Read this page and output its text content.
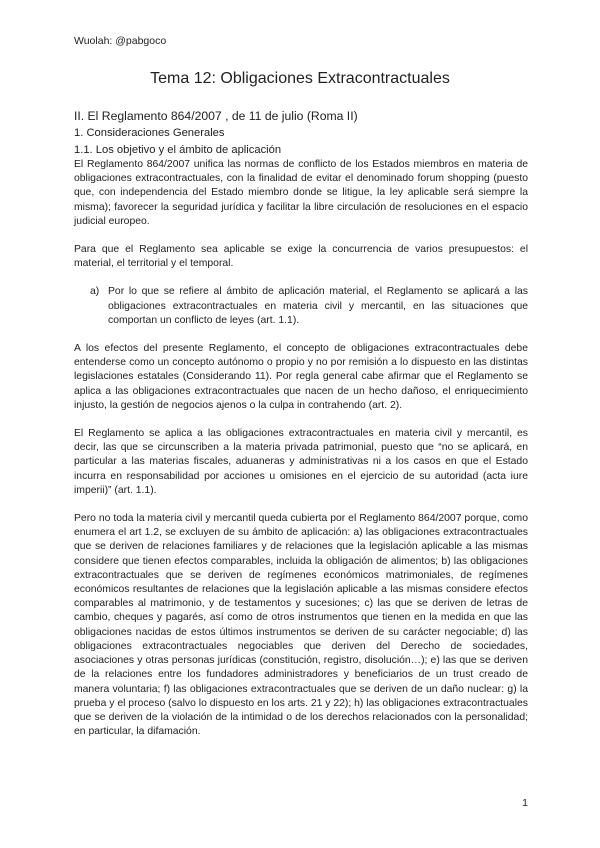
Wuolah: @pabgoco
Tema 12: Obligaciones Extracontractuales
II. El Reglamento 864/2007 , de 11 de julio (Roma II)
1. Consideraciones Generales
1.1. Los objetivo y el ámbito de aplicación

El Reglamento 864/2007 unifica las normas de conflicto de los Estados miembros en materia de obligaciones extracontractuales, con la finalidad de evitar el denominado forum shopping (puesto que, con independencia del Estado miembro donde se litigue, la ley aplicable será siempre la misma); favorecer la seguridad jurídica y facilitar la libre circulación de resoluciones en el espacio judicial europeo.

Para que el Reglamento sea aplicable se exige la concurrencia de varios presupuestos: el material, el territorial y el temporal.

a) Por lo que se refiere al ámbito de aplicación material, el Reglamento se aplicará a las obligaciones extracontractuales en materia civil y mercantil, en las situaciones que comportan un conflicto de leyes (art. 1.1).

A los efectos del presente Reglamento, el concepto de obligaciones extracontractuales debe entenderse como un concepto autónomo o propio y no por remisión a lo dispuesto en las distintas legislaciones estatales (Considerando 11). Por regla general cabe afirmar que el Reglamento se aplica a las obligaciones extracontractuales que nacen de un hecho dañoso, el enriquecimiento injusto, la gestión de negocios ajenos o la culpa in contrahendo (art. 2).

El Reglamento se aplica a las obligaciones extracontractuales en materia civil y mercantil, es decir, las que se circunscriben a la materia privada patrimonial, puesto que “no se aplicará, en particular a las materias fiscales, aduaneras y administrativas ni a los casos en que el Estado incurra en responsabilidad por acciones u omisiones en el ejercicio de su autoridad (acta iure imperii)” (art. 1.1).

Pero no toda la materia civil y mercantil queda cubierta por el Reglamento 864/2007 porque, como enumera el art 1.2, se excluyen de su ámbito de aplicación: a) las obligaciones extracontractuales que se deriven de relaciones familiares y de relaciones que la legislación aplicable a las mismas considere que tienen efectos comparables, incluida la obligación de alimentos; b) las obligaciones extracontractuales que se deriven de regímenes económicos matrimoniales, de regímenes económicos resultantes de relaciones que la legislación aplicable a las mismas considere efectos comparables al matrimonio, y de testamentos y sucesiones; c) las que se deriven de letras de cambio, cheques y pagarés, así como de otros instrumentos que tienen en la medida en que las obligaciones nacidas de estos últimos instrumentos se deriven de su carácter negociable; d) las obligaciones extracontractuales negociables que deriven del Derecho de sociedades, asociaciones y otras personas jurídicas (constitución, registro, disolución…); e) las que se deriven de la relaciones entre los fundadores administradores y beneficiarios de un trust creado de manera voluntaria; f) las obligaciones extracontractuales que se deriven de un daño nuclear: g) la prueba y el proceso (salvo lo dispuesto en los arts. 21 y 22); h) las obligaciones extracontractuales que se deriven de la violación de la intimidad o de los derechos relacionados con la personalidad; en particular, la difamación.

1
